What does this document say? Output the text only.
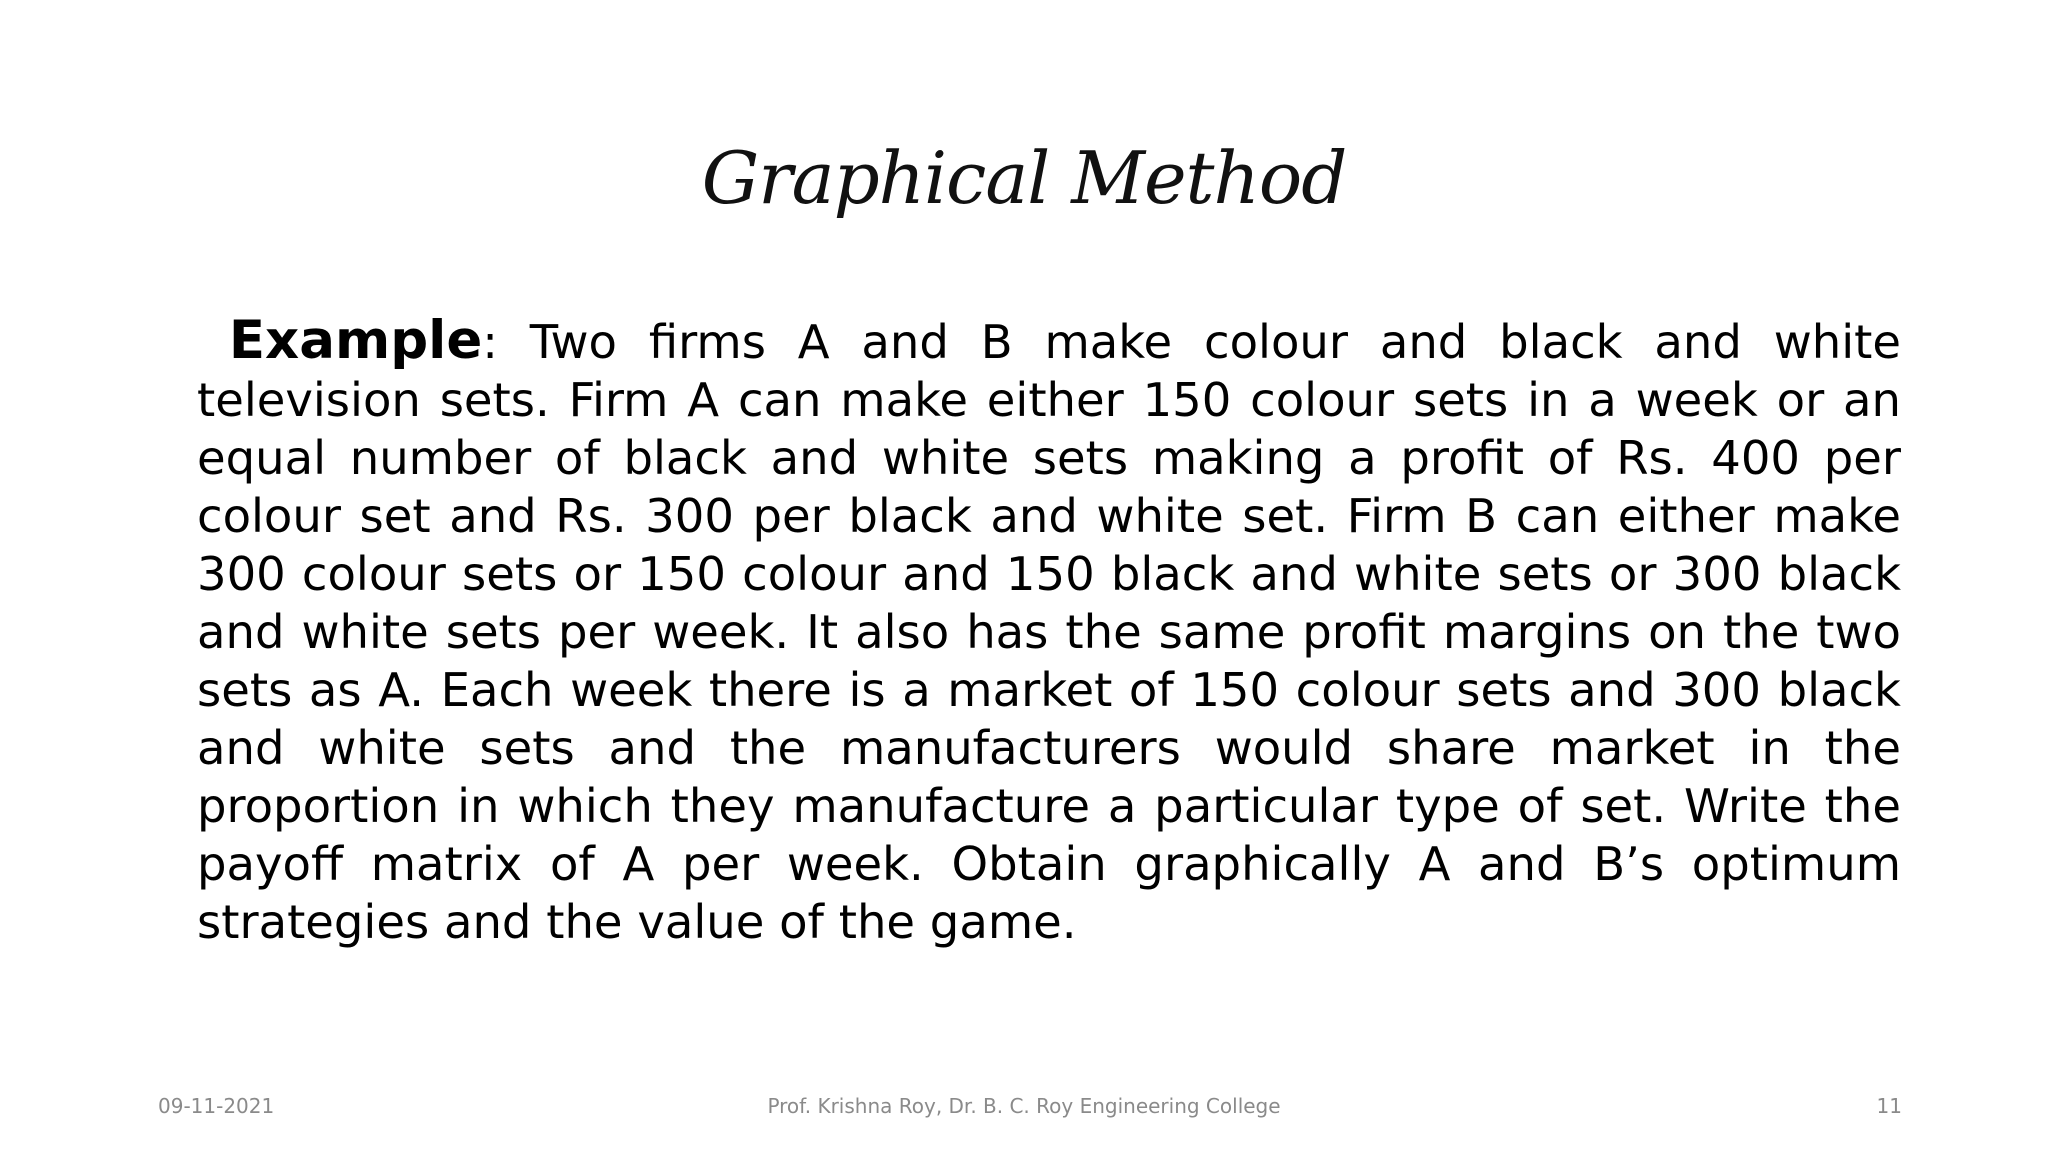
Graphical Method

Example: Two firms A and B make colour and black and white television sets. Firm A can make either 150 colour sets in a week or an equal number of black and white sets making a profit of Rs. 400 per colour set and Rs. 300 per black and white set. Firm B can either make 300 colour sets or 150 colour and 150 black and white sets or 300 black and white sets per week. It also has the same profit margins on the two sets as A. Each week there is a market of 150 colour sets and 300 black and white sets and the manufacturers would share market in the proportion in which they manufacture a particular type of set. Write the payoff matrix of A per week. Obtain graphically A and B’s optimum strategies and the value of the game.

09-11-2021	Prof. Krishna Roy, Dr. B. C. Roy Engineering College	11
